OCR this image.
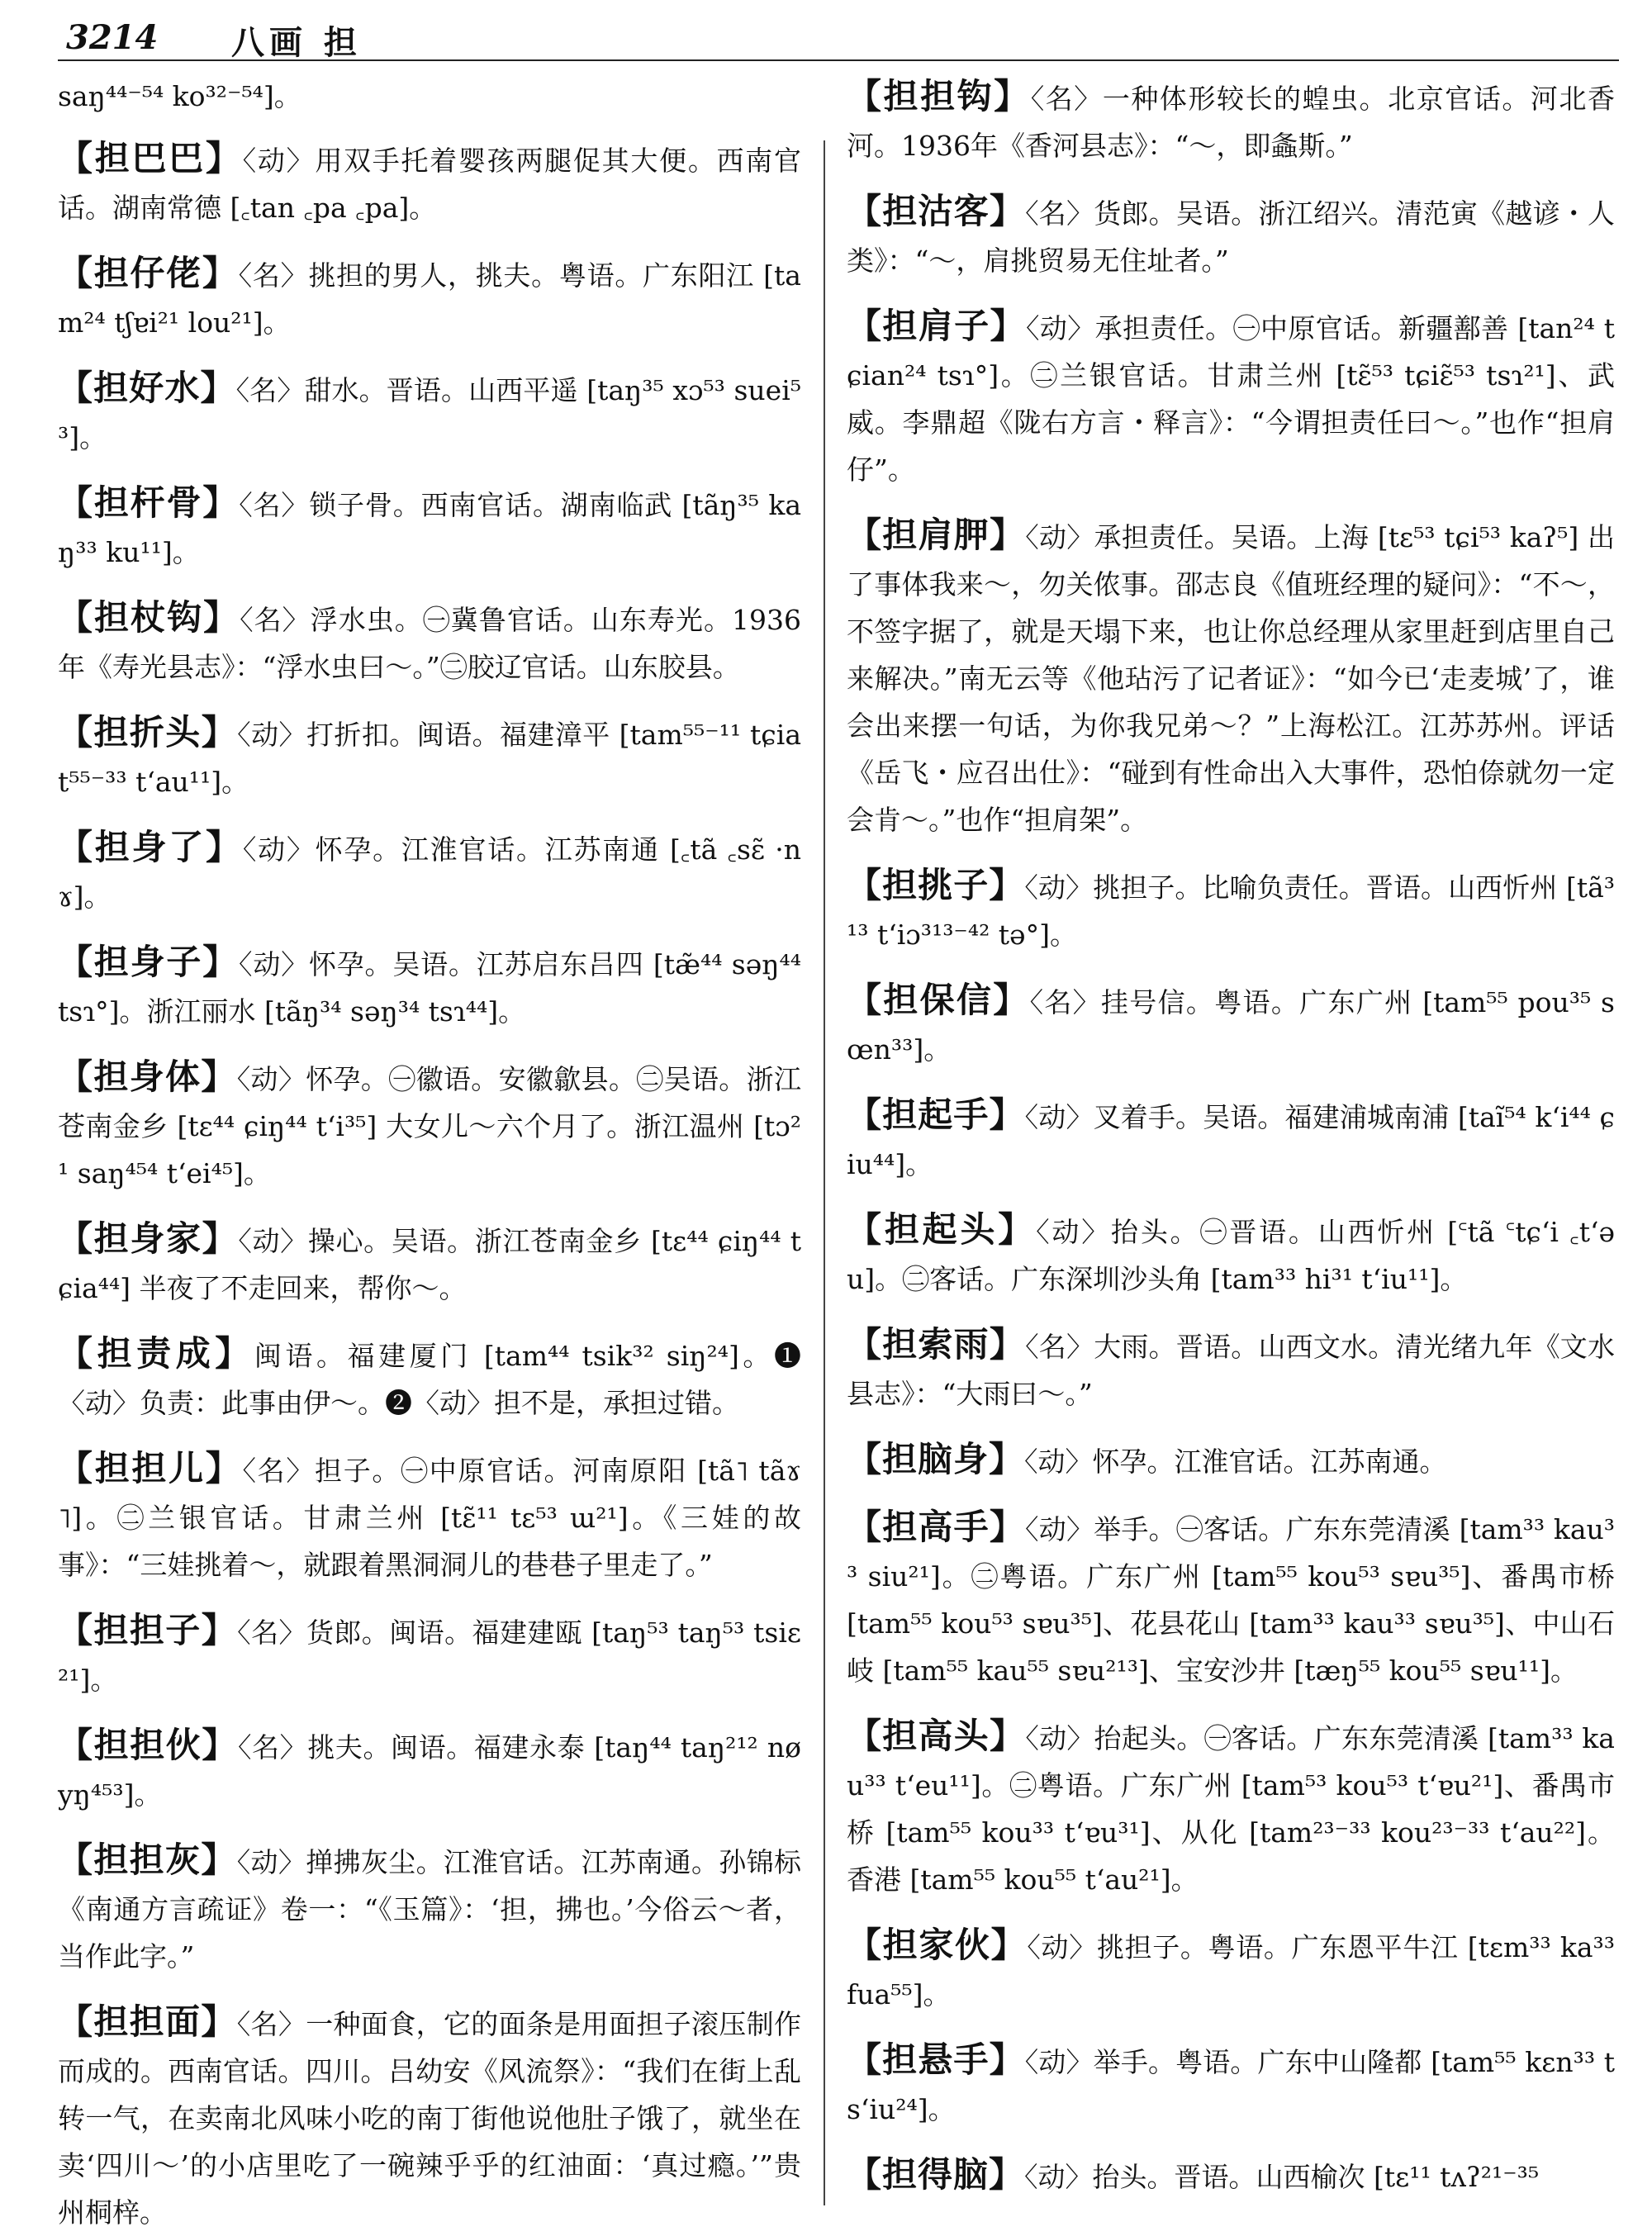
3214 八画 担

saŋ⁴⁴⁻⁵⁴ ko³²⁻⁵⁴]。

【担巴巴】〈动〉用双手托着婴孩两腿促其大便。西南官话。湖南常德 [꜀tan ꜀pa ꜀pa]。

【担仔佬】〈名〉挑担的男人，挑夫。粤语。广东阳江 [tam²⁴ tʃɐi²¹ lou²¹]。

【担好水】〈名〉甜水。晋语。山西平遥 [taŋ³⁵ xɔ⁵³ suei⁵³]。

【担杆骨】〈名〉锁子骨。西南官话。湖南临武 [tãŋ³⁵ kaŋ³³ ku¹¹]。

【担杖钩】〈名〉浮水虫。㊀冀鲁官话。山东寿光。1936年《寿光县志》：“浮水虫曰～。”㊁胶辽官话。山东胶县。

【担折头】〈动〉打折扣。闽语。福建漳平 [tam⁵⁵⁻¹¹ tɕiat⁵⁵⁻³³ tʻau¹¹]。

【担身了】〈动〉怀孕。江淮官话。江苏南通 [꜀tã ꜀sɛ̃ ·nɤ]。

【担身子】〈动〉怀孕。吴语。江苏启东吕四 [tæ̃⁴⁴ səŋ⁴⁴ tsɿ°]。浙江丽水 [tãŋ³⁴ səŋ³⁴ tsɿ⁴⁴]。

【担身体】〈动〉怀孕。㊀徽语。安徽歙县。㊁吴语。浙江苍南金乡 [tɛ⁴⁴ ɕiŋ⁴⁴ tʻi³⁵] 大女儿～六个月了。浙江温州 [tɔ²¹ saŋ⁴⁵⁴ tʻei⁴⁵]。

【担身家】〈动〉操心。吴语。浙江苍南金乡 [tɛ⁴⁴ ɕiŋ⁴⁴ tɕia⁴⁴] 半夜了不走回来，帮你～。

【担责成】闽语。福建厦门 [tam⁴⁴ tsik³² siŋ²⁴]。❶〈动〉负责：此事由伊～。❷〈动〉担不是，承担过错。

【担担儿】〈名〉担子。㊀中原官话。河南原阳 [tã˥ tãɤ˥]。㊁兰银官话。甘肃兰州 [tɛ̃¹¹ tɛ⁵³ ɯ²¹]。《三娃的故事》：“三娃挑着～，就跟着黑洞洞儿的巷巷子里走了。”

【担担子】〈名〉货郎。闽语。福建建瓯 [taŋ⁵³ taŋ⁵³ tsiɛ²¹]。

【担担伙】〈名〉挑夫。闽语。福建永泰 [taŋ⁴⁴ taŋ²¹² nøyŋ⁴⁵³]。

【担担灰】〈动〉掸拂灰尘。江淮官话。江苏南通。孙锦标《南通方言疏证》卷一：“《玉篇》：‘担，拂也。’今俗云～者，当作此字。”

【担担面】〈名〉一种面食，它的面条是用面担子滚压制作而成的。西南官话。四川。吕幼安《风流祭》：“我们在街上乱转一气，在卖南北风味小吃的南丁街他说他肚子饿了，就坐在卖‘四川～’的小店里吃了一碗辣乎乎的红油面：‘真过瘾。’”贵州桐梓。

【担担钩】〈名〉一种体形较长的蝗虫。北京官话。河北香河。1936年《香河县志》：“～，即螽斯。”

【担沽客】〈名〉货郎。吴语。浙江绍兴。清范寅《越谚・人类》：“～，肩挑贸易无住址者。”

【担肩子】〈动〉承担责任。㊀中原官话。新疆鄯善 [tan²⁴ tɕian²⁴ tsɿ°]。㊁兰银官话。甘肃兰州 [tɛ̃⁵³ tɕiɛ̃⁵³ tsɿ²¹]、武威。李鼎超《陇右方言・释言》：“今谓担责任曰～。”也作“担肩仔”。

【担肩胛】〈动〉承担责任。吴语。上海 [tɛ⁵³ tɕi⁵³ kaʔ⁵] 出了事体我来～，勿关侬事。邵志良《值班经理的疑问》：“不～，不签字据了，就是天塌下来，也让你总经理从家里赶到店里自己来解决。”南无云等《他玷污了记者证》：“如今已‘走麦城’了，谁会出来摆一句话，为你我兄弟～？”上海松江。江苏苏州。评话《岳飞・应召出仕》：“碰到有性命出入大事件，恐怕倷就勿一定会肯～。”也作“担肩架”。

【担挑子】〈动〉挑担子。比喻负责任。晋语。山西忻州 [tã³¹³ tʻiɔ³¹³⁻⁴² tə°]。

【担保信】〈名〉挂号信。粤语。广东广州 [tam⁵⁵ pou³⁵ sœn³³]。

【担起手】〈动〉叉着手。吴语。福建浦城南浦 [taĩ⁵⁴ kʻi⁴⁴ ɕiu⁴⁴]。

【担起头】〈动〉抬头。㊀晋语。山西忻州 [꜂tã ꜂tɕʻi ꜀tʻəu]。㊁客话。广东深圳沙头角 [tam³³ hi³¹ tʻiu¹¹]。

【担索雨】〈名〉大雨。晋语。山西文水。清光绪九年《文水县志》：“大雨曰～。”

【担脑身】〈动〉怀孕。江淮官话。江苏南通。

【担高手】〈动〉举手。㊀客话。广东东莞清溪 [tam³³ kau³³ siu²¹]。㊁粤语。广东广州 [tam⁵⁵ kou⁵³ sɐu³⁵]、番禺市桥 [tam⁵⁵ kou⁵³ sɐu³⁵]、花县花山 [tam³³ kau³³ sɐu³⁵]、中山石岐 [tam⁵⁵ kau⁵⁵ sɐu²¹³]、宝安沙井 [tæŋ⁵⁵ kou⁵⁵ sɐu¹¹]。

【担高头】〈动〉抬起头。㊀客话。广东东莞清溪 [tam³³ kau³³ tʻeu¹¹]。㊁粤语。广东广州 [tam⁵³ kou⁵³ tʻɐu²¹]、番禺市桥 [tam⁵⁵ kou³³ tʻɐu³¹]、从化 [tam²³⁻³³ kou²³⁻³³ tʻau²²]。香港 [tam⁵⁵ kou⁵⁵ tʻau²¹]。

【担家伙】〈动〉挑担子。粤语。广东恩平牛江 [tɛm³³ ka³³ fua⁵⁵]。

【担悬手】〈动〉举手。粤语。广东中山隆都 [tam⁵⁵ kɛn³³ tsʻiu²⁴]。

【担得脑】〈动〉抬头。晋语。山西榆次 [tɛ¹¹ tʌʔ²¹⁻³⁵
